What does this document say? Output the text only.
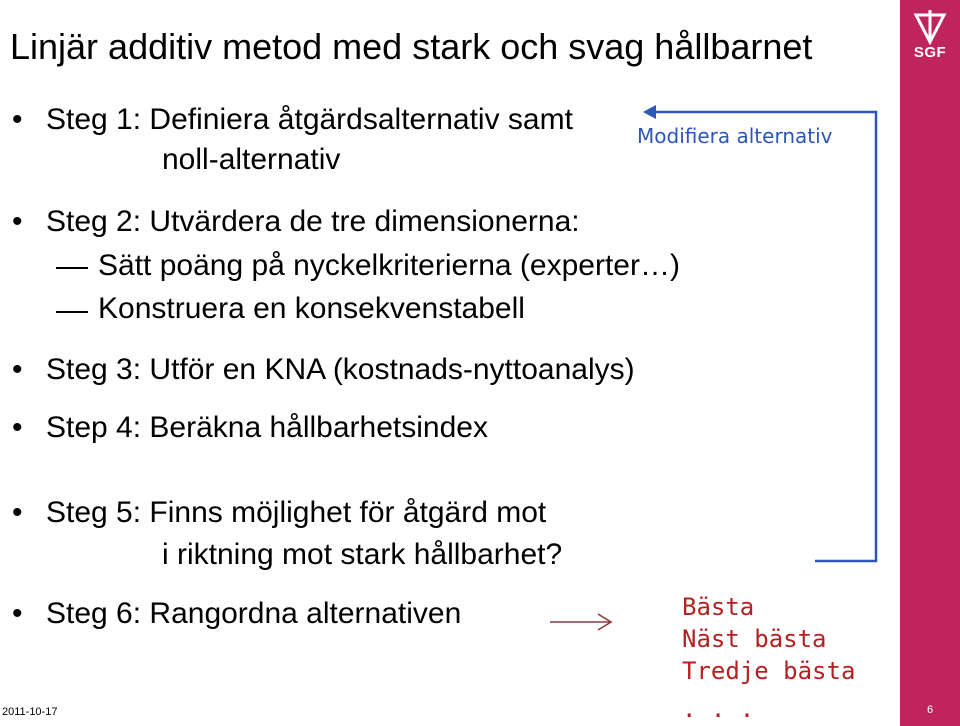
Linjär additiv metod med stark och svag hållbarnet
• Steg 1: Definiera åtgärdsalternativ samt
noll-alternativ
• Steg 2: Utvärdera de tre dimensionerna:
Sätt poäng på nyckelkriterierna (experter…)
Konstruera en konsekvenstabell
• Steg 3: Utför en KNA (kostnads-nyttoanalys)
• Step 4: Beräkna hållbarhetsindex
• Steg 5: Finns möjlighet för åtgärd mot
i riktning mot stark hållbarhet?
• Steg 6: Rangordna alternativen
Modifiera alternativ
Bästa
Näst bästa
Tredje bästa
. . .
2011-10-17
SGF
6
